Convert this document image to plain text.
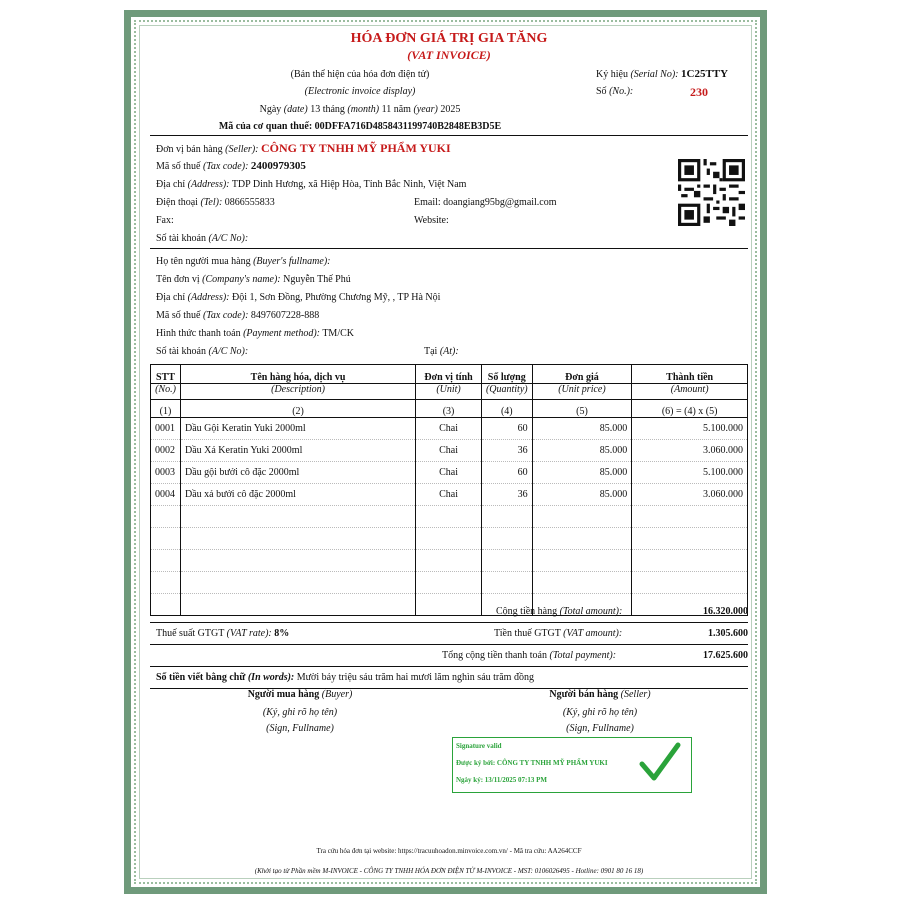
HÓA ĐƠN GIÁ TRỊ GIA TĂNG
(VAT INVOICE)
(Bản thể hiện của hóa đơn điện tử)
(Electronic invoice display)
Ngày (date) 13 tháng (month) 11 năm (year) 2025
Ký hiệu (Serial No): 1C25TTY
Số (No.):	230
Mã của cơ quan thuế: 00DFFA716D4858431199740B2848EB3D5E
Đơn vị bán hàng (Seller): CÔNG TY TNHH MỸ PHẨM YUKI
Mã số thuế (Tax code): 2400979305
Địa chỉ (Address): TDP Dinh Hương, xã Hiệp Hòa, Tỉnh Bắc Ninh, Việt Nam
Điện thoại (Tel): 0866555833	Email: doangiang95bg@gmail.com
Fax:	Website:
Số tài khoản (A/C No):
Họ tên người mua hàng (Buyer's fullname):
Tên đơn vị (Company's name): Nguyễn Thế Phú
Địa chỉ (Address): Đội 1, Sơn Đồng, Phường Chương Mỹ, , TP Hà Nội
Mã số thuế (Tax code): 8497607228-888
Hình thức thanh toán (Payment method): TM/CK
Số tài khoản (A/C No):	Tại (At):
STT	Tên hàng hóa, dịch vụ	Đơn vị tính	Số lượng	Đơn giá	Thành tiền
(No.)	(Description)	(Unit)	(Quantity)	(Unit price)	(Amount)
(1)	(2)	(3)	(4)	(5)	(6) = (4) x (5)
0001	Dầu Gội Keratin Yuki 2000ml	Chai	60	85.000	5.100.000
0002	Dầu Xả Keratin Yuki 2000ml	Chai	36	85.000	3.060.000
0003	Dầu gội bưởi cô đặc 2000ml	Chai	60	85.000	5.100.000
0004	Dầu xả bưởi cô đặc 2000ml	Chai	36	85.000	3.060.000

Cộng tiền hàng (Total amount):	16.320.000
Thuế suất GTGT (VAT rate): 8%	Tiền thuế GTGT (VAT amount):	1.305.600
Tổng cộng tiền thanh toán (Total payment):	17.625.600
Số tiền viết bằng chữ (In words): Mười bảy triệu sáu trăm hai mươi lăm nghìn sáu trăm đồng
Người mua hàng (Buyer)
(Ký, ghi rõ họ tên)
(Sign, Fullname)
Người bán hàng (Seller)
(Ký, ghi rõ họ tên)
(Sign, Fullname)
Signature valid
Được ký bởi: CÔNG TY TNHH MỸ PHẨM YUKI
Ngày ký: 13/11/2025 07:13 PM
Tra cứu hóa đơn tại website: https://tracuuhoadon.minvoice.com.vn/ - Mã tra cứu: AA264CCF
(Khởi tạo từ Phần mềm M-INVOICE - CÔNG TY TNHH HÓA ĐƠN ĐIỆN TỬ M-INVOICE - MST: 0106026495 - Hotline: 0901 80 16 18)
